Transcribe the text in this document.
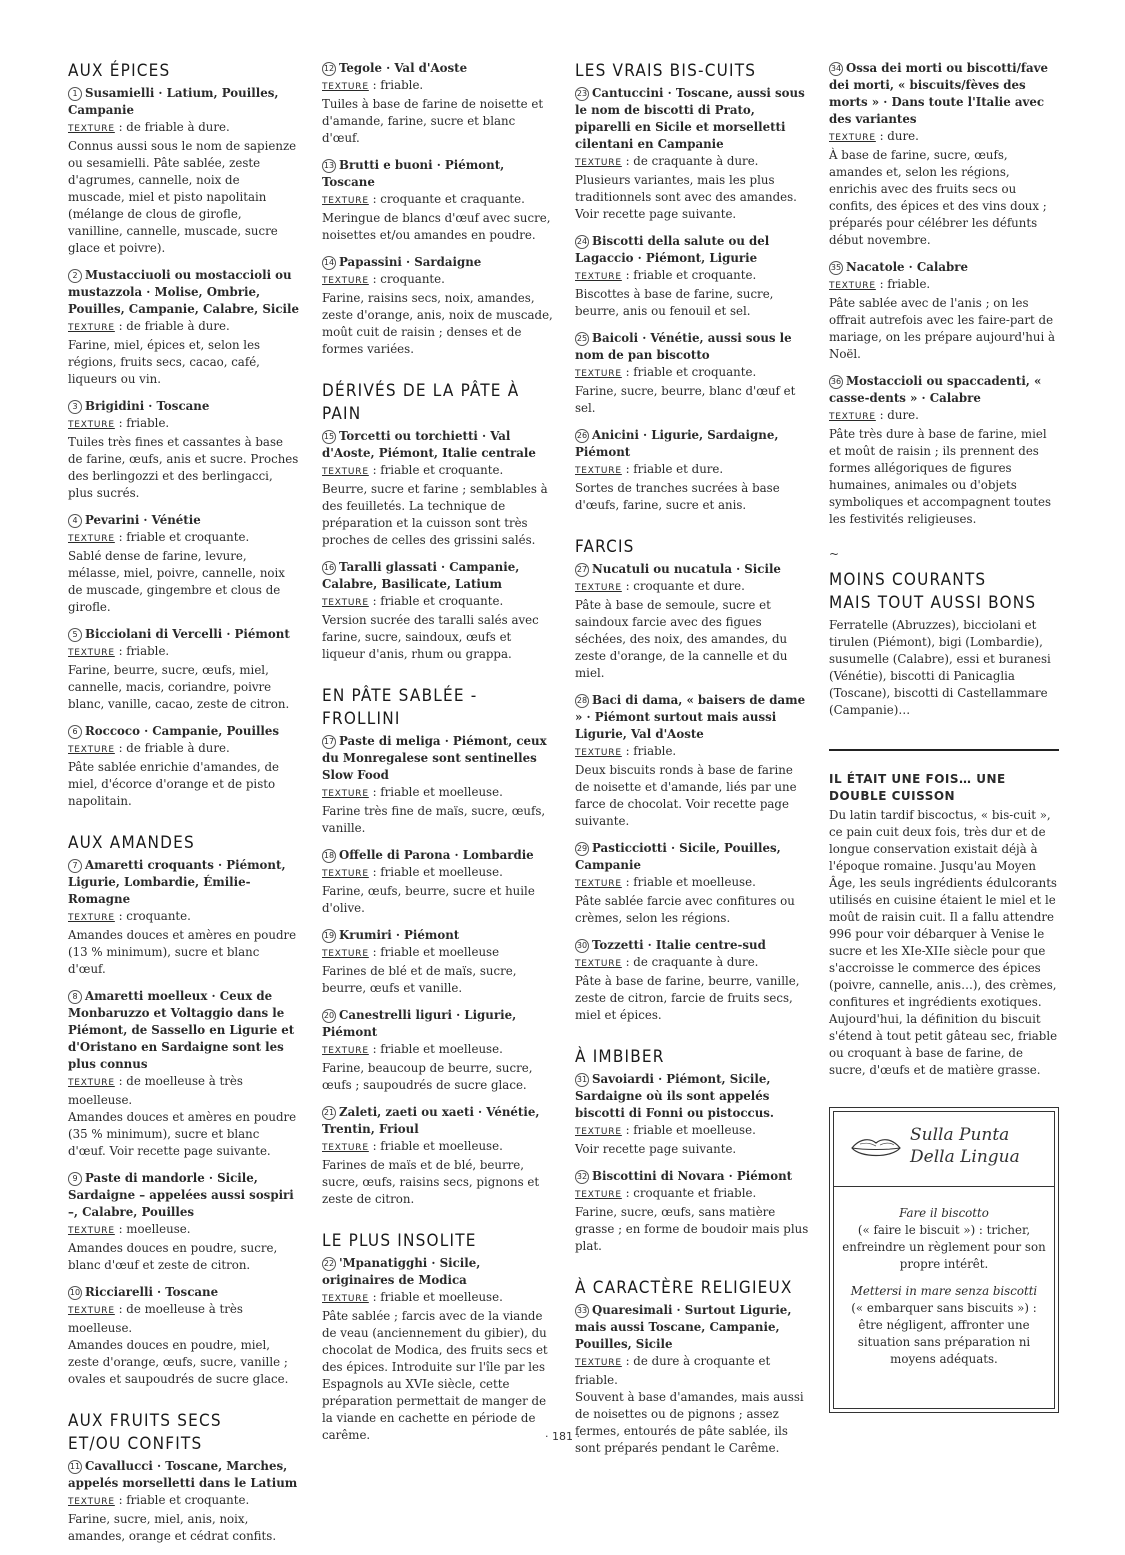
AUX ÉPICES

1 Susamielli · Latium, Pouilles, Campanie

TEXTURE : de friable à dure.

Connus aussi sous le nom de sapienze ou sesamielli. Pâte sablée, zeste d'agrumes, cannelle, noix de muscade, miel et pisto napolitain (mélange de clous de girofle, vanilline, cannelle, muscade, sucre glace et poivre).

2 Mustacciuoli ou mostaccioli ou mustazzola · Molise, Ombrie, Pouilles, Campanie, Calabre, Sicile

TEXTURE : de friable à dure.

Farine, miel, épices et, selon les régions, fruits secs, cacao, café, liqueurs ou vin.

3 Brigidini · Toscane

TEXTURE : friable.

Tuiles très fines et cassantes à base de farine, œufs, anis et sucre. Proches des berlingozzi et des berlingacci, plus sucrés.

4 Pevarini · Vénétie

TEXTURE : friable et croquante.

Sablé dense de farine, levure, mélasse, miel, poivre, cannelle, noix de muscade, gingembre et clous de girofle.

5 Bicciolani di Vercelli · Piémont

TEXTURE : friable.

Farine, beurre, sucre, œufs, miel, cannelle, macis, coriandre, poivre blanc, vanille, cacao, zeste de citron.

6 Roccoco · Campanie, Pouilles

TEXTURE : de friable à dure.

Pâte sablée enrichie d'amandes, de miel, d'écorce d'orange et de pisto napolitain.

AUX AMANDES

7 Amaretti croquants · Piémont, Ligurie, Lombardie, Émilie-Romagne

TEXTURE : croquante.

Amandes douces et amères en poudre (13 % minimum), sucre et blanc d'œuf.

8 Amaretti moelleux · Ceux de Monbaruzzo et Voltaggio dans le Piémont, de Sassello en Ligurie et d'Oristano en Sardaigne sont les plus connus

TEXTURE : de moelleuse à très moelleuse.

Amandes douces et amères en poudre (35 % minimum), sucre et blanc d'œuf. Voir recette page suivante.

9 Paste di mandorle · Sicile, Sardaigne – appelées aussi sospiri –, Calabre, Pouilles

TEXTURE : moelleuse.

Amandes douces en poudre, sucre, blanc d'œuf et zeste de citron.

10 Ricciarelli · Toscane

TEXTURE : de moelleuse à très moelleuse.

Amandes douces en poudre, miel, zeste d'orange, œufs, sucre, vanille ; ovales et saupoudrés de sucre glace.

AUX FRUITS SECS
ET/OU CONFITS

11 Cavallucci · Toscane, Marches, appelés morselletti dans le Latium

TEXTURE : friable et croquante.

Farine, sucre, miel, anis, noix, amandes, orange et cédrat confits.

12 Tegole · Val d'Aoste

TEXTURE : friable.

Tuiles à base de farine de noisette et d'amande, farine, sucre et blanc d'œuf.

13 Brutti e buoni · Piémont, Toscane

TEXTURE : croquante et craquante.

Meringue de blancs d'œuf avec sucre, noisettes et/ou amandes en poudre.

14 Papassini · Sardaigne

TEXTURE : croquante.

Farine, raisins secs, noix, amandes, zeste d'orange, anis, noix de muscade, moût cuit de raisin ; denses et de formes variées.

DÉRIVÉS DE LA PÂTE À PAIN

15 Torcetti ou torchietti · Val d'Aoste, Piémont, Italie centrale

TEXTURE : friable et croquante.

Beurre, sucre et farine ; semblables à des feuilletés. La technique de préparation et la cuisson sont très proches de celles des grissini salés.

16 Taralli glassati · Campanie, Calabre, Basilicate, Latium

TEXTURE : friable et croquante.

Version sucrée des taralli salés avec farine, sucre, saindoux, œufs et liqueur d'anis, rhum ou grappa.

EN PÂTE SABLÉE - FROLLINI

17 Paste di meliga · Piémont, ceux du Monregalese sont sentinelles Slow Food

TEXTURE : friable et moelleuse.

Farine très fine de maïs, sucre, œufs, vanille.

18 Offelle di Parona · Lombardie

TEXTURE : friable et moelleuse.

Farine, œufs, beurre, sucre et huile d'olive.

19 Krumiri · Piémont

TEXTURE : friable et moelleuse

Farines de blé et de maïs, sucre, beurre, œufs et vanille.

20 Canestrelli liguri · Ligurie, Piémont

TEXTURE : friable et moelleuse.

Farine, beaucoup de beurre, sucre, œufs ; saupoudrés de sucre glace.

21 Zaleti, zaeti ou xaeti · Vénétie, Trentin, Frioul

TEXTURE : friable et moelleuse.

Farines de maïs et de blé, beurre, sucre, œufs, raisins secs, pignons et zeste de citron.

LE PLUS INSOLITE

22 'Mpanatigghi · Sicile, originaires de Modica

TEXTURE : friable et moelleuse.

Pâte sablée ; farcis avec de la viande de veau (anciennement du gibier), du chocolat de Modica, des fruits secs et des épices. Introduite sur l'île par les Espagnols au XVIe siècle, cette préparation permettait de manger de la viande en cachette en période de carême.

LES VRAIS BIS-CUITS

23 Cantuccini · Toscane, aussi sous le nom de biscotti di Prato, piparelli en Sicile et morselletti cilentani en Campanie

TEXTURE : de craquante à dure.

Plusieurs variantes, mais les plus traditionnels sont avec des amandes. Voir recette page suivante.

24 Biscotti della salute ou del Lagaccio · Piémont, Ligurie

TEXTURE : friable et croquante.

Biscottes à base de farine, sucre, beurre, anis ou fenouil et sel.

25 Baicoli · Vénétie, aussi sous le nom de pan biscotto

TEXTURE : friable et croquante.

Farine, sucre, beurre, blanc d'œuf et sel.

26 Anicini · Ligurie, Sardaigne, Piémont

TEXTURE : friable et dure.

Sortes de tranches sucrées à base d'œufs, farine, sucre et anis.

FARCIS

27 Nucatuli ou nucatula · Sicile

TEXTURE : croquante et dure.

Pâte à base de semoule, sucre et saindoux farcie avec des figues séchées, des noix, des amandes, du zeste d'orange, de la cannelle et du miel.

28 Baci di dama, « baisers de dame » · Piémont surtout mais aussi Ligurie, Val d'Aoste

TEXTURE : friable.

Deux biscuits ronds à base de farine de noisette et d'amande, liés par une farce de chocolat. Voir recette page suivante.

29 Pasticciotti · Sicile, Pouilles, Campanie

TEXTURE : friable et moelleuse.

Pâte sablée farcie avec confitures ou crèmes, selon les régions.

30 Tozzetti · Italie centre-sud

TEXTURE : de craquante à dure.

Pâte à base de farine, beurre, vanille, zeste de citron, farcie de fruits secs, miel et épices.

À IMBIBER

31 Savoiardi · Piémont, Sicile, Sardaigne où ils sont appelés biscotti di Fonni ou pistoccus.

TEXTURE : friable et moelleuse.

Voir recette page suivante.

32 Biscottini di Novara · Piémont

TEXTURE : croquante et friable.

Farine, sucre, œufs, sans matière grasse ; en forme de boudoir mais plus plat.

À CARACTÈRE RELIGIEUX

33 Quaresimali · Surtout Ligurie, mais aussi Toscane, Campanie, Pouilles, Sicile

TEXTURE : de dure à croquante et friable.

Souvent à base d'amandes, mais aussi de noisettes ou de pignons ; assez fermes, entourés de pâte sablée, ils sont préparés pendant le Carême.

34 Ossa dei morti ou biscotti/fave dei morti, « biscuits/fèves des morts » · Dans toute l'Italie avec des variantes

TEXTURE : dure.

À base de farine, sucre, œufs, amandes et, selon les régions, enrichis avec des fruits secs ou confits, des épices et des vins doux ; préparés pour célébrer les défunts début novembre.

35 Nacatole · Calabre

TEXTURE : friable.

Pâte sablée avec de l'anis ; on les offrait autrefois avec les faire-part de mariage, on les prépare aujourd'hui à Noël.

36 Mostaccioli ou spaccadenti, « casse-dents » · Calabre

TEXTURE : dure.

Pâte très dure à base de farine, miel et moût de raisin ; ils prennent des formes allégoriques de figures humaines, animales ou d'objets symboliques et accompagnent toutes les festivités religieuses.

~
MOINS COURANTS
MAIS TOUT AUSSI BONS

Ferratelle (Abruzzes), bicciolani et tirulen (Piémont), bigi (Lombardie), susumelle (Calabre), essi et buranesi (Vénétie), biscotti di Panicaglia (Toscane), biscotti di Castellammare (Campanie)…

IL ÉTAIT UNE FOIS… UNE DOUBLE CUISSON

Du latin tardif biscoctus, « bis-cuit », ce pain cuit deux fois, très dur et de longue conservation existait déjà à l'époque romaine. Jusqu'au Moyen Âge, les seuls ingrédients édulcorants utilisés en cuisine étaient le miel et le moût de raisin cuit. Il a fallu attendre 996 pour voir débarquer à Venise le sucre et les XIe-XIIe siècle pour que s'accroisse le commerce des épices (poivre, cannelle, anis…), des crèmes, confitures et ingrédients exotiques. Aujourd'hui, la définition du biscuit s'étend à tout petit gâteau sec, friable ou croquant à base de farine, de sucre, d'œufs et de matière grasse.

Sulla Punta
Della Lingua

Fare il biscotto
(« faire le biscuit ») : tricher, enfreindre un règlement pour son propre intérêt.

Mettersi in mare senza biscotti
(« embarquer sans biscuits ») : être négligent, affronter une situation sans préparation ni moyens adéquats.

· 181 ·
